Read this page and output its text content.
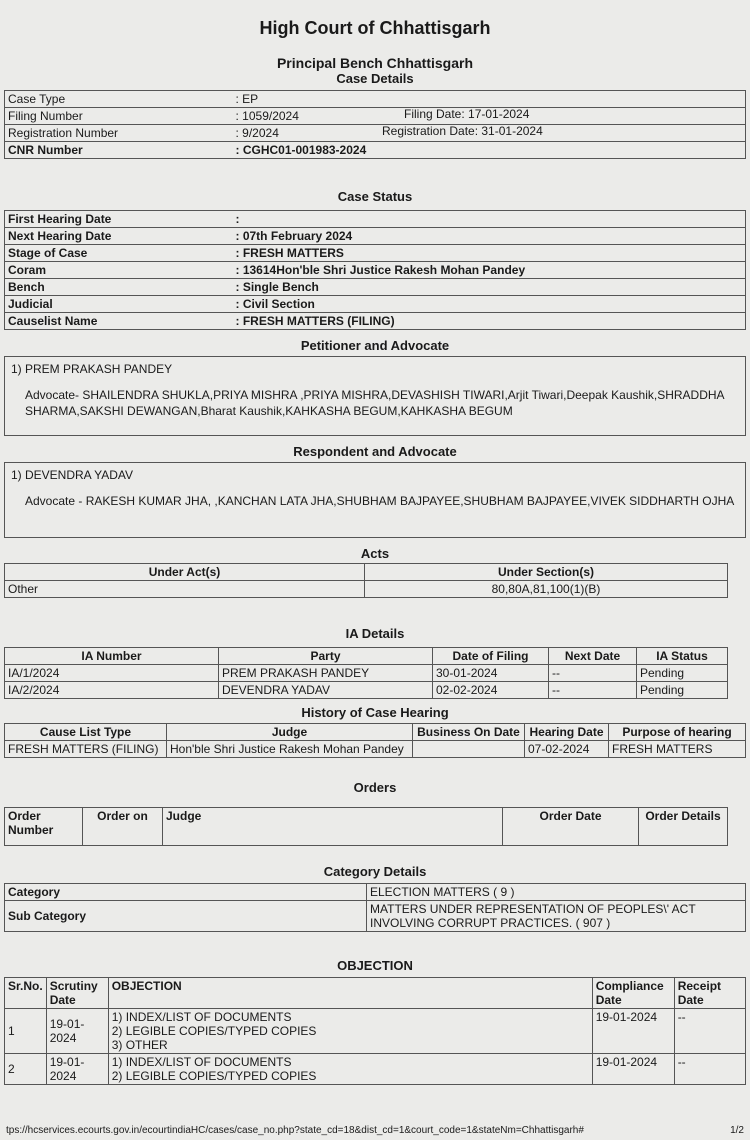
High Court of Chhattisgarh
Principal Bench Chhattisgarh
Case Details
Case Type	: EP
Filing Number	: 1059/2024
Registration Number	: 9/2024
CNR Number	: CGHC01-001983-2024
Filing Date: 17-01-2024
Registration Date: 31-01-2024
Case Status
First Hearing Date	:
Next Hearing Date	: 07th February 2024
Stage of Case	: FRESH MATTERS
Coram	: 13614Hon'ble Shri Justice Rakesh Mohan Pandey
Bench	: Single Bench
Judicial	: Civil Section
Causelist Name	: FRESH MATTERS (FILING)
Petitioner and Advocate
1) PREM PRAKASH PANDEY
Advocate- SHAILENDRA SHUKLA,PRIYA MISHRA ,PRIYA MISHRA,DEVASHISH TIWARI,Arjit Tiwari,Deepak Kaushik,SHRADDHA SHARMA,SAKSHI DEWANGAN,Bharat Kaushik,KAHKASHA BEGUM,KAHKASHA BEGUM
Respondent and Advocate
1) DEVENDRA YADAV
Advocate - RAKESH KUMAR JHA, ,KANCHAN LATA JHA,SHUBHAM BAJPAYEE,SHUBHAM BAJPAYEE,VIVEK SIDDHARTH OJHA
Acts
Under Act(s)	Under Section(s)
Other	80,80A,81,100(1)(B)
IA Details
IA Number	Party	Date of Filing	Next Date	IA Status
IA/1/2024	PREM PRAKASH PANDEY	30-01-2024	--	Pending
IA/2/2024	DEVENDRA YADAV	02-02-2024	--	Pending
History of Case Hearing
Cause List Type	Judge	Business On Date	Hearing Date	Purpose of hearing
FRESH MATTERS (FILING)	Hon'ble Shri Justice Rakesh Mohan Pandey		07-02-2024	FRESH MATTERS
Orders
Order Number	Order on	Judge	Order Date	Order Details
Category Details
Category	ELECTION MATTERS ( 9 )
Sub Category	MATTERS UNDER REPRESENTATION OF PEOPLES\' ACT INVOLVING CORRUPT PRACTICES. ( 907 )
OBJECTION
Sr.No.	Scrutiny Date	OBJECTION	Compliance Date	Receipt Date
1	19-01-2024	1) INDEX/LIST OF DOCUMENTS
2) LEGIBLE COPIES/TYPED COPIES
3) OTHER	19-01-2024	--
2	19-01-2024	1) INDEX/LIST OF DOCUMENTS
2) LEGIBLE COPIES/TYPED COPIES	19-01-2024	--
tps://hcservices.ecourts.gov.in/ecourtindiaHC/cases/case_no.php?state_cd=18&dist_cd=1&court_code=1&stateNm=Chhattisgarh#	1/2
